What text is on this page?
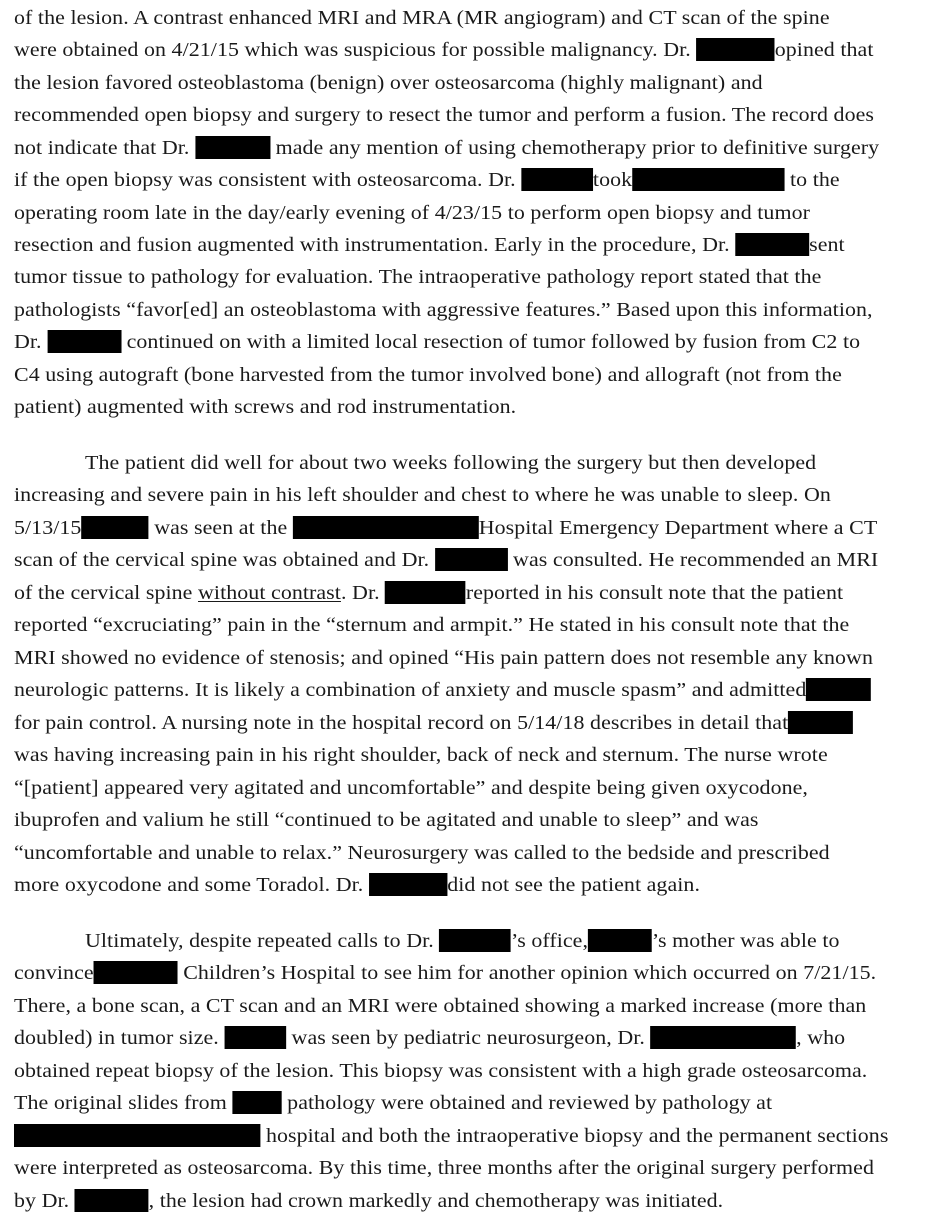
of the lesion. A contrast enhanced MRI and MRA (MR angiogram) and CT scan of the spine
were obtained on 4/21/15 which was suspicious for possible malignancy. Dr.	opined that
the lesion favored osteoblastoma (benign) over osteosarcoma (highly malignant) and
recommended open biopsy and surgery to resect the tumor and perform a fusion. The record does
not indicate that Dr.	made any mention of using chemotherapy prior to definitive surgery
if the open biopsy was consistent with osteosarcoma. Dr.	took	to the
operating room late in the day/early evening of 4/23/15 to perform open biopsy and tumor
resection and fusion augmented with instrumentation. Early in the procedure, Dr.	sent
tumor tissue to pathology for evaluation. The intraoperative pathology report stated that the
pathologists “favor[ed] an osteoblastoma with aggressive features.” Based upon this information,
Dr.	continued on with a limited local resection of tumor followed by fusion from C2 to
C4 using autograft (bone harvested from the tumor involved bone) and allograft (not from the
patient) augmented with screws and rod instrumentation.
The patient did well for about two weeks following the surgery but then developed
increasing and severe pain in his left shoulder and chest to where he was unable to sleep. On
5/13/15	was seen at the	Hospital Emergency Department where a CT
scan of the cervical spine was obtained and Dr.	was consulted. He recommended an MRI
of the cervical spine without contrast. Dr.	reported in his consult note that the patient
reported “excruciating” pain in the “sternum and armpit.” He stated in his consult note that the
MRI showed no evidence of stenosis; and opined “His pain pattern does not resemble any known
neurologic patterns. It is likely a combination of anxiety and muscle spasm” and admitted
for pain control. A nursing note in the hospital record on 5/14/18 describes in detail that
was having increasing pain in his right shoulder, back of neck and sternum. The nurse wrote
“[patient] appeared very agitated and uncomfortable” and despite being given oxycodone,
ibuprofen and valium he still “continued to be agitated and unable to sleep” and was
“uncomfortable and unable to relax.” Neurosurgery was called to the bedside and prescribed
more oxycodone and some Toradol. Dr.	did not see the patient again.
Ultimately, despite repeated calls to Dr.	’s office,	’s mother was able to
convince	Children’s Hospital to see him for another opinion which occurred on 7/21/15.
There, a bone scan, a CT scan and an MRI were obtained showing a marked increase (more than
doubled) in tumor size.	was seen by pediatric neurosurgeon, Dr.	, who
obtained repeat biopsy of the lesion. This biopsy was consistent with a high grade osteosarcoma.
The original slides from	pathology were obtained and reviewed by pathology at
hospital and both the intraoperative biopsy and the permanent sections
were interpreted as osteosarcoma. By this time, three months after the original surgery performed
by Dr.	, the lesion had crown markedly and chemotherapy was initiated.
